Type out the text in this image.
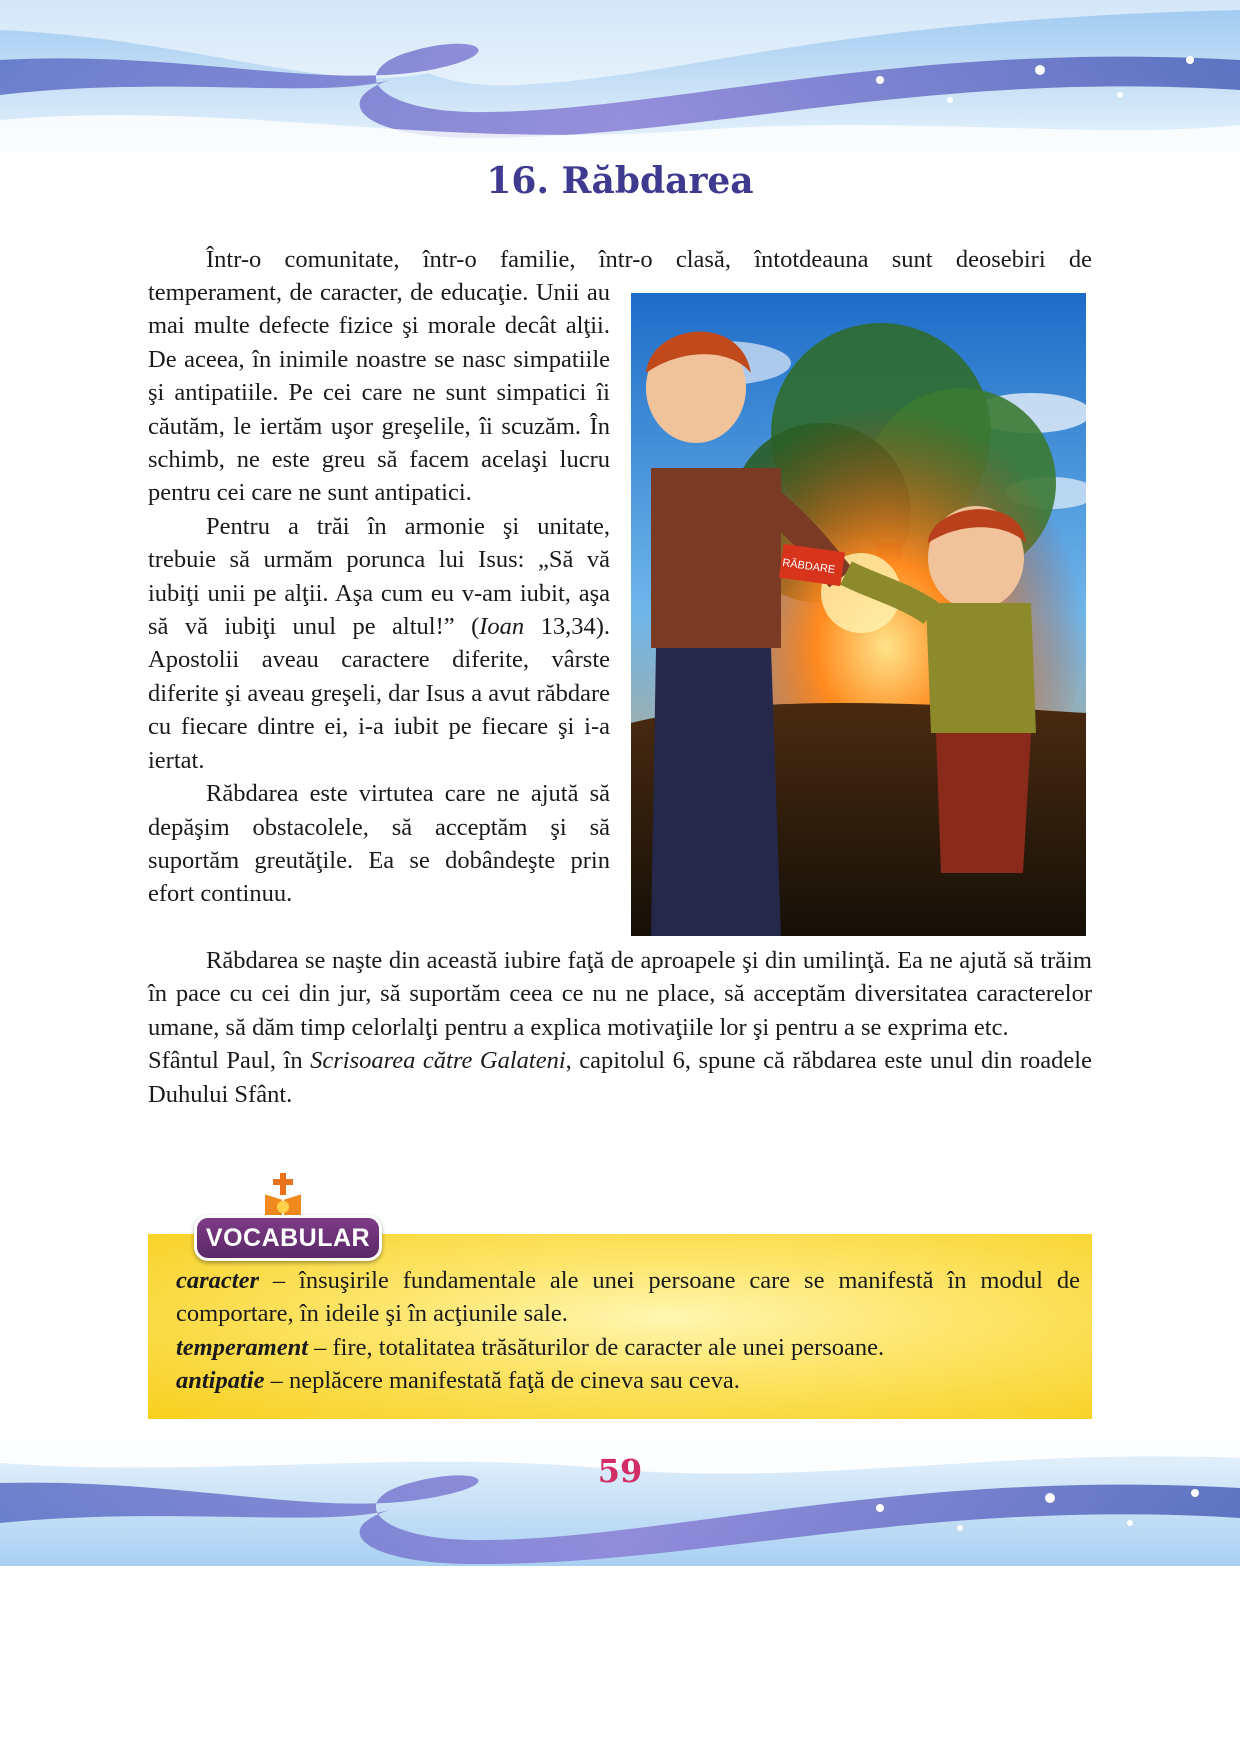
16. Răbdarea
Într-o comunitate, într-o familie, într-o clasă, întotdeauna sunt deosebiri de

temperament, de caracter, de educaţie. Unii au mai multe defecte fizice şi morale decât alţii. De aceea, în inimile noastre se nasc simpatiile şi antipatiile. Pe cei care ne sunt simpatici îi căutăm, le iertăm uşor greşelile, îi scuzăm. În schimb, ne este greu să facem acelaşi lucru pentru cei care ne sunt antipatici.

Pentru a trăi în armonie şi unitate, trebuie să urmăm porunca lui Isus: „Să vă iubiţi unii pe alţii. Aşa cum eu v-am iubit, aşa să vă iubiţi unul pe altul!” (Ioan 13,34). Apostolii aveau caractere diferite, vârste diferite şi aveau greşeli, dar Isus a avut răbdare cu fiecare dintre ei, i-a iubit pe fiecare şi i-a iertat.

Răbdarea este virtutea care ne ajută să depăşim obstacolele, să acceptăm şi să suportăm greutăţile. Ea se dobândeşte prin efort continuu.

RĂBDARE

Răbdarea se naşte din această iubire faţă de aproapele şi din umilinţă. Ea ne ajută să trăim în pace cu cei din jur, să suportăm ceea ce nu ne place, să acceptăm diversitatea caracterelor umane, să dăm timp celorlalţi pentru a explica motivaţiile lor şi pentru a se exprima etc.

Sfântul Paul, în Scrisoarea către Galateni, capitolul 6, spune că răbdarea este unul din roadele Duhului Sfânt.

caracter – însuşirile fundamentale ale unei persoane care se manifestă în modul de comportare, în ideile şi în acţiunile sale.

temperament – fire, totalitatea trăsăturilor de caracter ale unei persoane.

antipatie – neplăcere manifestată faţă de cineva sau ceva.

VOCABULAR
59
